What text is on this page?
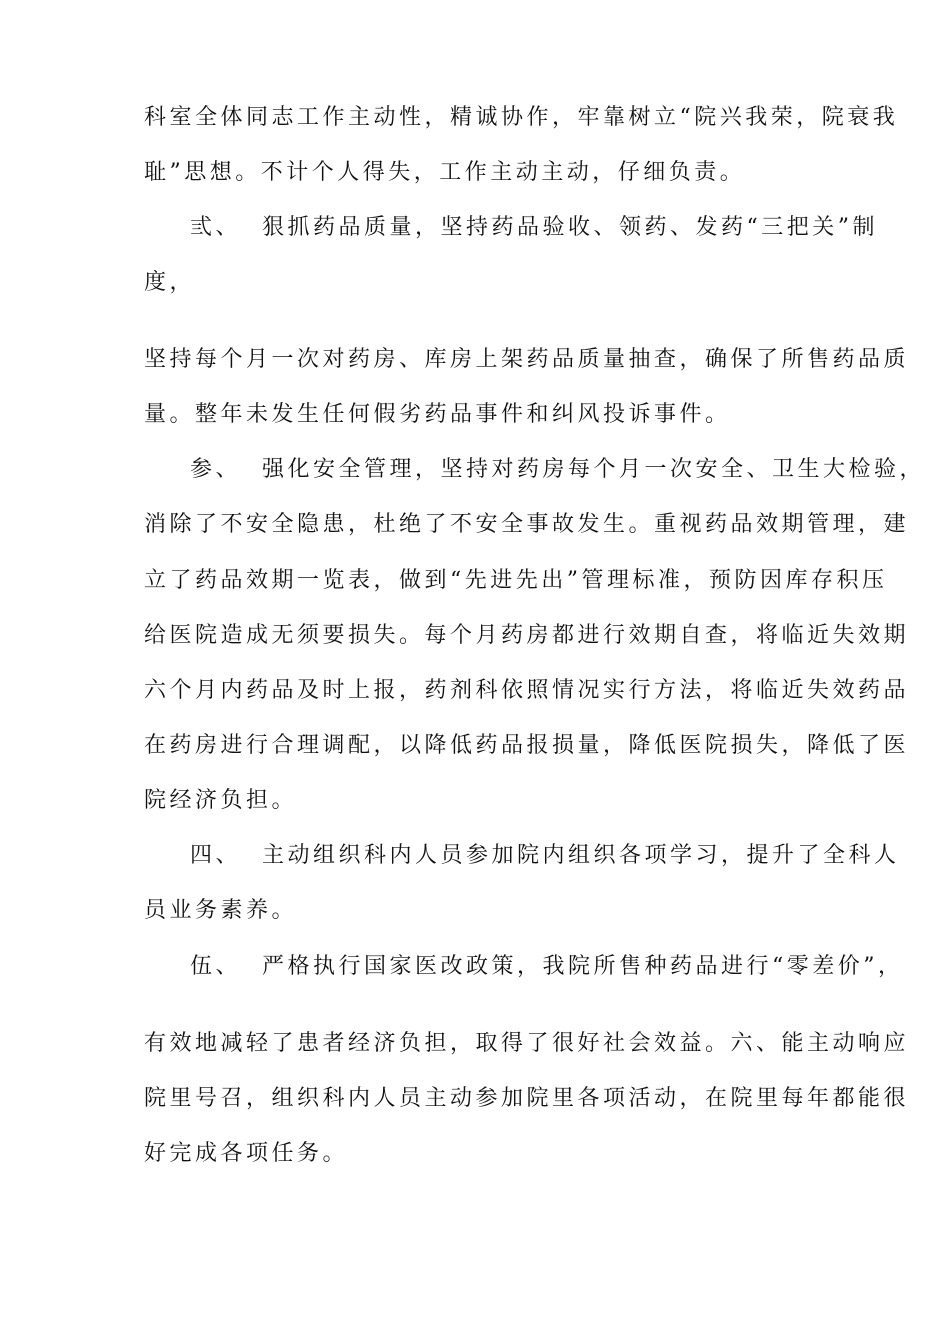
科室全体同志工作主动性，精诚协作，牢靠树立“院兴我荣，院衰我
耻”思想。不计个人得失，工作主动主动，仔细负责。
弎、  狠抓药品质量，坚持药品验收、领药、发药“三把关”制
度，
坚持每个月一次对药房、库房上架药品质量抽查，确保了所售药品质
量。整年未发生任何假劣药品事件和纠风投诉事件。
参、  强化安全管理，坚持对药房每个月一次安全、卫生大检验，
消除了不安全隐患，杜绝了不安全事故发生。重视药品效期管理，建
立了药品效期一览表，做到“先进先出”管理标准，预防因库存积压
给医院造成无须要损失。每个月药房都进行效期自查，将临近失效期
六个月内药品及时上报，药剂科依照情况实行方法，将临近失效药品
在药房进行合理调配，以降低药品报损量，降低医院损失，降低了医
院经济负担。
四、  主动组织科内人员参加院内组织各项学习，提升了全科人
员业务素养。
伍、  严格执行国家医改政策，我院所售种药品进行“零差价”，
有效地减轻了患者经济负担，取得了很好社会效益。六、能主动响应
院里号召，组织科内人员主动参加院里各项活动，在院里每年都能很
好完成各项任务。
